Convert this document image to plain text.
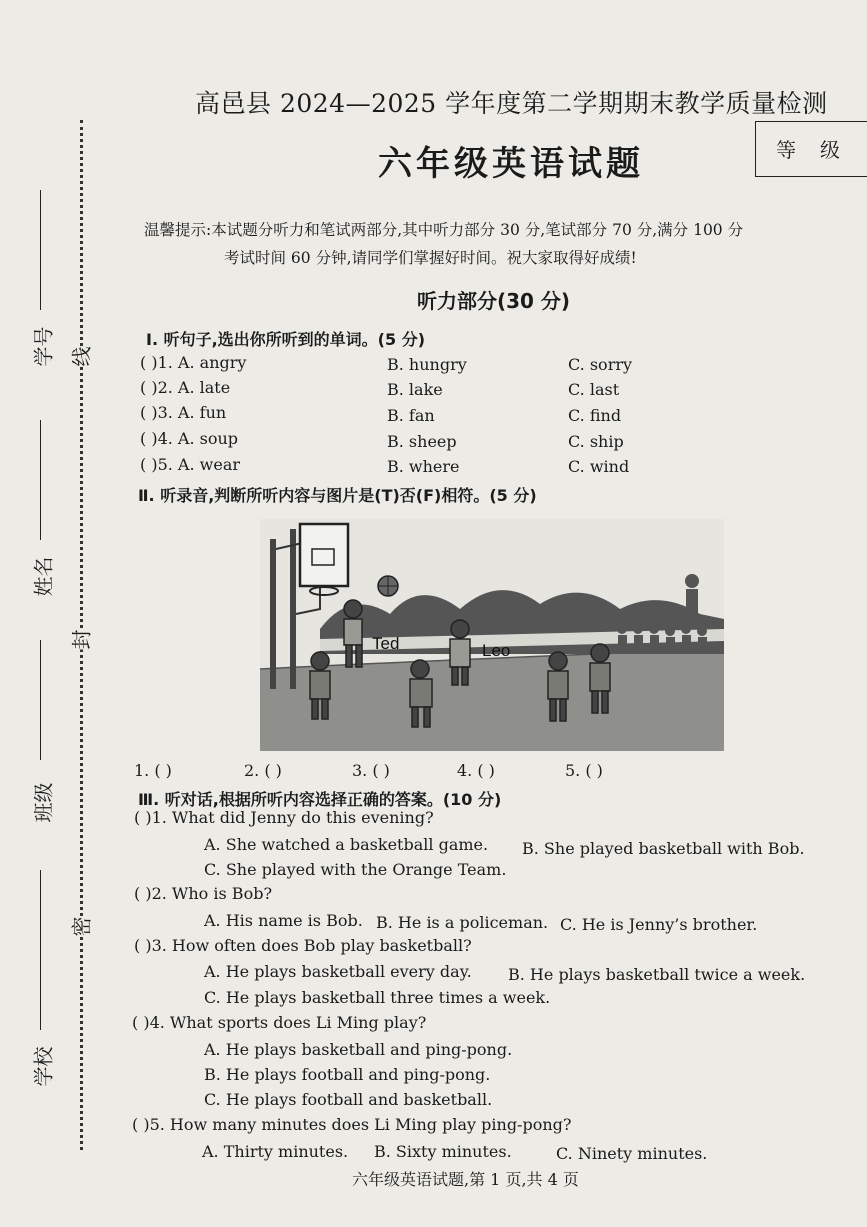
学号
姓名
班级
学校
线
封
密
高邑县 2024—2025 学年度第二学期期末教学质量检测
六年级英语试题	等级
温馨提示:本试题分听力和笔试两部分,其中听力部分 30 分,笔试部分 70 分,满分 100 分
考试时间 60 分钟,请同学们掌握好时间。祝大家取得好成绩!
听力部分(30 分)
Ⅰ. 听句子,选出你所听到的单词。(5 分)
( )1. A. angry	B. hungry	C. sorry
( )2. A. late	B. lake	C. last
( )3. A. fun	B. fan	C. find
( )4. A. soup	B. sheep	C. ship
( )5. A. wear	B. where	C. wind
Ⅱ. 听录音,判断所听内容与图片是(T)否(F)相符。(5 分)
Ted	Leo
1. ( )	2. ( )	3. ( )	4. ( )	5. ( )
Ⅲ. 听对话,根据所听内容选择正确的答案。(10 分)
( )1. What did Jenny do this evening?
A. She watched a basketball game. B. She played basketball with Bob.
C. She played with the Orange Team.
( )2. Who is Bob?
A. His name is Bob. B. He is a policeman. C. He is Jenny’s brother.
( )3. How often does Bob play basketball?
A. He plays basketball every day. B. He plays basketball twice a week.
C. He plays basketball three times a week.
( )4. What sports does Li Ming play?
A. He plays basketball and ping-pong.
B. He plays football and ping-pong.
C. He plays football and basketball.
( )5. How many minutes does Li Ming play ping-pong?
A. Thirty minutes. B. Sixty minutes.	C. Ninety minutes.
六年级英语试题,第 1 页,共 4 页
